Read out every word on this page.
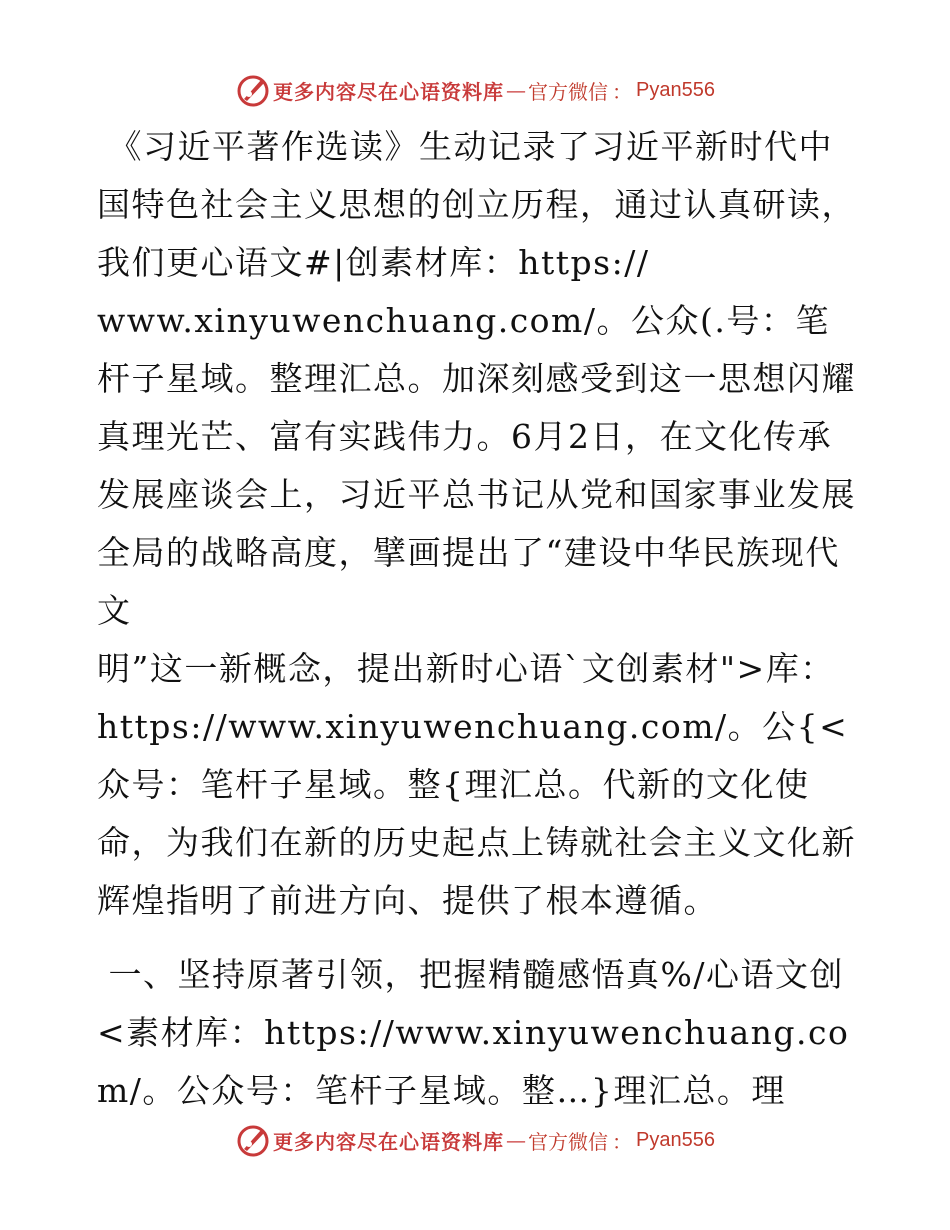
更多内容尽在心语资料库 — 官方微信 ： Pyan556

《习近平著作选读》生动记录了习近平新时代中国特色社会主义思想的创立历程，通过认真研读，我们更心语文#|创素材库：https://
www.xinyuwenchuang.com/。公众(.号：笔杆子星域。整理汇总。加深刻感受到这一思想闪耀真理光芒、富有实践伟力。6月2日，在文化传承发展座谈会上，习近平总书记从党和国家事业发展全局的战略高度，擘画提出了“建设中华民族现代文
明”这一新概念，提出新时心语`文创素材">库：https://www.xinyuwenchuang.com/。公{<众号：笔杆子星域。整{理汇总。代新的文化使命，为我们在新的历史起点上铸就社会主义文化新辉煌指明了前进方向、提供了根本遵循。

一、坚持原著引领，把握精髓感悟真%/心语文创<素材库：https://www.xinyuwenchuang.com/。公众号：笔杆子星域。整…}理汇总。理

更多内容尽在心语资料库 — 官方微信 ： Pyan556
